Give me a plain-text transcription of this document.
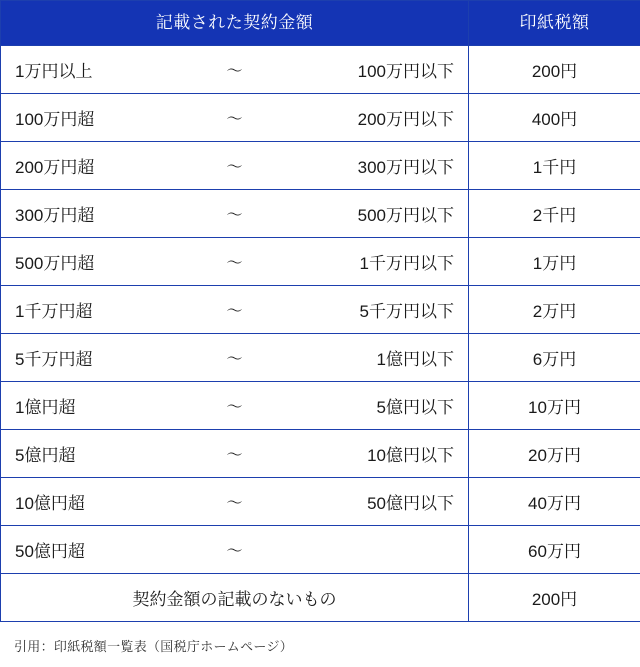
記載された契約金額	印紙税額

1万円以上 〜 100万円以下	200円

100万円超 〜 200万円以下	400円

200万円超 〜 300万円以下	1千円

300万円超 〜 500万円以下	2千円

500万円超 〜 1千万円以下	1万円

1千万円超 〜 5千万円以下	2万円

5千万円超 〜 1億円以下	6万円

1億円超 〜 5億円以下	10万円

5億円超 〜 10億円以下	20万円

10億円超 〜 50億円以下	40万円

50億円超 〜	60万円
契約金額の記載のないもの	200円
引用：印紙税額一覧表（国税庁ホームページ）
